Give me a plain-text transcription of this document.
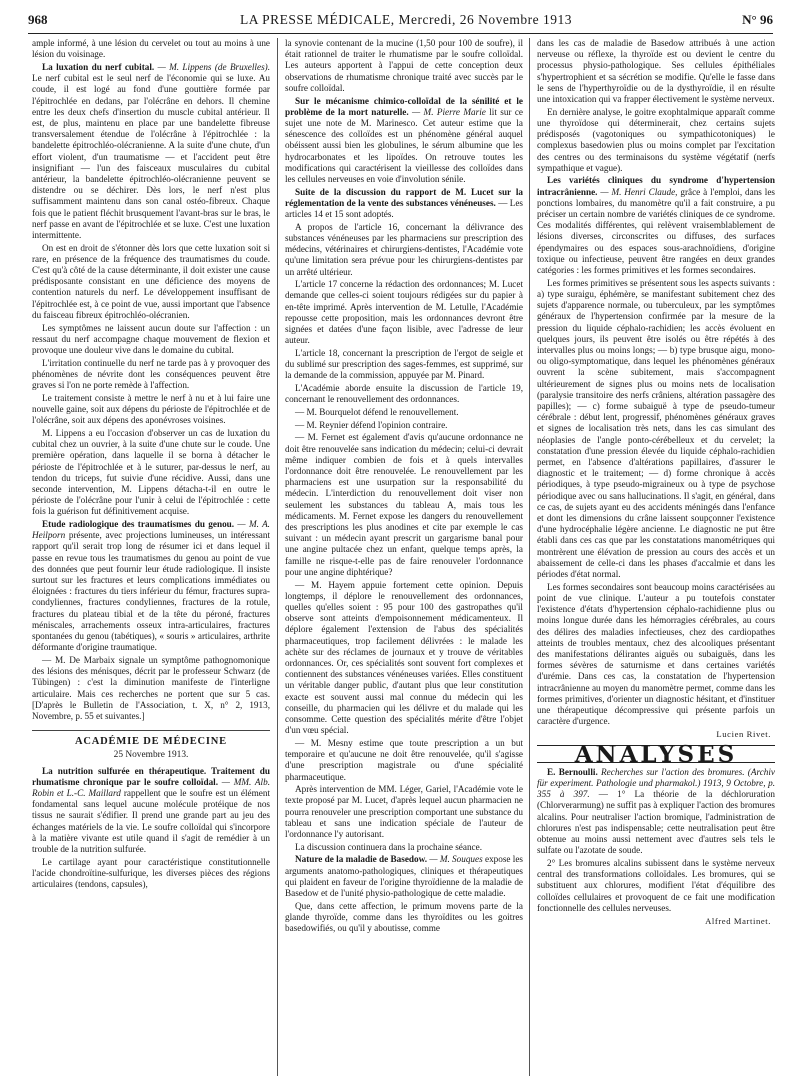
968	LA PRESSE MÉDICALE, Mercredi, 26 Novembre 1913	N° 96

ample informé, à une lésion du cervelet ou tout au moins à une lésion du voisinage.

La luxation du nerf cubital. — M. Lippens (de Bruxelles). Le nerf cubital est le seul nerf de l'économie qui se luxe. Au coude, il est logé au fond d'une gouttière formée par l'épitrochlée en dedans, par l'olécrâne en dehors. Il chemine entre les deux chefs d'insertion du muscle cubital antérieur. Il est, de plus, maintenu en place par une bandelette fibreuse transversalement étendue de l'olécrâne à l'épitrochlée : la bandelette épitrochléo-olécranienne. A la suite d'une chute, d'un effort violent, d'un traumatisme — et l'accident peut être insignifiant — l'un des faisceaux musculaires du cubital antérieur, la bandelette épitrochléo-olécranienne peuvent se distendre ou se déchirer. Dès lors, le nerf n'est plus suffisamment maintenu dans son canal ostéo-fibreux. Chaque fois que le patient fléchit brusquement l'avant-bras sur le bras, le nerf passe en avant de l'épitrochlée et se luxe. C'est une luxation intermittente.

On est en droit de s'étonner dès lors que cette luxation soit si rare, en présence de la fréquence des traumatismes du coude. C'est qu'à côté de la cause déterminante, il doit exister une cause prédisposante consistant en une déficience des moyens de contention naturels du nerf. Le développement insuffisant de l'épitrochlée est, à ce point de vue, aussi important que l'absence du faisceau fibreux épitrochléo-olécranien.

Les symptômes ne laissent aucun doute sur l'affection : un ressaut du nerf accompagne chaque mouvement de flexion et provoque une douleur vive dans le domaine du cubital.

L'irritation continuelle du nerf ne tarde pas à y provoquer des phénomènes de névrite dont les conséquences peuvent être graves si l'on ne porte remède à l'affection.

Le traitement consiste à mettre le nerf à nu et à lui faire une nouvelle gaine, soit aux dépens du périoste de l'épitrochlée et de l'olécrâne, soit aux dépens des aponévroses voisines.

M. Lippens a eu l'occasion d'observer un cas de luxation du cubital chez un ouvrier, à la suite d'une chute sur le coude. Une première opération, dans laquelle il se borna à détacher le périoste de l'épitrochlée et à le suturer, par-dessus le nerf, au tendon du triceps, fut suivie d'une récidive. Aussi, dans une seconde intervention, M. Lippens détacha-t-il en outre le périoste de l'olécrâne pour l'unir à celui de l'épitrochlée : cette fois la guérison fut définitivement acquise.

Etude radiologique des traumatismes du genou. — M. A. Heilporn présente, avec projections lumineuses, un intéressant rapport qu'il serait trop long de résumer ici et dans lequel il passe en revue tous les traumatismes du genou au point de vue des données que peut fournir leur étude radiologique. Il insiste surtout sur les fractures et leurs complications immédiates ou éloignées : fractures du tiers inférieur du fémur, fractures supra-condyliennes, fractures condyliennes, fractures de la rotule, fractures du plateau tibial et de la tête du péroné, fractures méniscales, arrachements osseux intra-articulaires, fractures spontanées du genou (tabétiques), « souris » articulaires, arthrite déformante d'origine traumatique.

— M. De Marbaix signale un symptôme pathognomonique des lésions des ménisques, décrit par le professeur Schwarz (de Tübingen) : c'est la diminution manifeste de l'interligne articulaire. Mais ces recherches ne portent que sur 5 cas. [D'après le Bulletin de l'Association, t. X, n° 2, 1913, Novembre, p. 55 et suivantes.]

ACADÉMIE DE MÉDECINE
25 Novembre 1913.

La nutrition sulfurée en thérapeutique. Traitement du rhumatisme chronique par le soufre colloïdal. — MM. Alb. Robin et L.-C. Maillard rappellent que le soufre est un élément fondamental sans lequel aucune molécule protéique de nos tissus ne saurait s'édifier. Il prend une grande part au jeu des échanges matériels de la vie. Le soufre colloïdal qui s'incorpore à la matière vivante est utile quand il s'agit de remédier à un trouble de la nutrition sulfurée.

Le cartilage ayant pour caractéristique constitutionnelle l'acide chondroïtine-sulfurique, les diverses pièces des régions articulaires (tendons, capsules),

la synovie contenant de la mucine (1,50 pour 100 de soufre), il était rationnel de traiter le rhumatisme par le soufre colloïdal. Les auteurs apportent à l'appui de cette conception deux observations de rhumatisme chronique traité avec succès par le soufre colloïdal.

Sur le mécanisme chimico-colloïdal de la sénilité et le problème de la mort naturelle. — M. Pierre Marie lit sur ce sujet une note de M. Marinesco. Cet auteur estime que la sénescence des colloïdes est un phénomène général auquel obéissent aussi bien les globulines, le sérum albumine que les hydrocarbonates et les lipoïdes. On retrouve toutes les modifications qui caractérisent la vieillesse des colloïdes dans les cellules nerveuses en voie d'involution sénile.

Suite de la discussion du rapport de M. Lucet sur la réglementation de la vente des substances vénéneuses. — Les articles 14 et 15 sont adoptés.

A propos de l'article 16, concernant la délivrance des substances vénéneuses par les pharmaciens sur prescription des médecins, vétérinaires et chirurgiens-dentistes, l'Académie vote qu'une limitation sera prévue pour les chirurgiens-dentistes par un arrêté ultérieur.

L'article 17 concerne la rédaction des ordonnances; M. Lucet demande que celles-ci soient toujours rédigées sur du papier à en-tête imprimé. Après intervention de M. Letulle, l'Académie repousse cette proposition, mais les ordonnances devront être signées et datées d'une façon lisible, avec l'adresse de leur auteur.

L'article 18, concernant la prescription de l'ergot de seigle et du sublimé sur prescription des sages-femmes, est supprimé, sur la demande de la commission, appuyée par M. Pinard.

L'Académie aborde ensuite la discussion de l'article 19, concernant le renouvellement des ordonnances.

— M. Bourquelot défend le renouvellement.

— M. Reynier défend l'opinion contraire.

— M. Fernet est également d'avis qu'aucune ordonnance ne doit être renouvelée sans indication du médecin; celui-ci devrait même indiquer combien de fois et à quels intervalles l'ordonnance doit être renouvelée. Le renouvellement par les pharmaciens est une usurpation sur la responsabilité du médecin. L'interdiction du renouvellement doit viser non seulement les substances du tableau A, mais tous les médicaments. M. Fernet expose les dangers du renouvellement des prescriptions les plus anodines et cite par exemple le cas suivant : un médecin ayant prescrit un gargarisme banal pour une angine pultacée chez un enfant, quelque temps après, la famille ne risque-t-elle pas de faire renouveler l'ordonnance pour une angine diphtérique?

— M. Hayem appuie fortement cette opinion. Depuis longtemps, il déplore le renouvellement des ordonnances, quelles qu'elles soient : 95 pour 100 des gastropathes qu'il observe sont atteints d'empoisonnement médicamenteux. Il déplore également l'extension de l'abus des spécialités pharmaceutiques, trop facilement délivrées : le malade les achète sur des réclames de journaux et y trouve de véritables ordonnances. Or, ces spécialités sont souvent fort complexes et contiennent des substances vénéneuses variées. Elles constituent un véritable danger public, d'autant plus que leur constitution exacte est souvent aussi mal connue du médecin qui les conseille, du pharmacien qui les délivre et du malade qui les consomme. Cette question des spécialités mérite d'être l'objet d'un vœu spécial.

— M. Mesny estime que toute prescription a un but temporaire et qu'aucune ne doit être renouvelée, qu'il s'agisse d'une prescription magistrale ou d'une spécialité pharmaceutique.

Après intervention de MM. Léger, Gariel, l'Académie vote le texte proposé par M. Lucet, d'après lequel aucun pharmacien ne pourra renouveler une prescription comportant une substance du tableau et sans une indication spéciale de l'auteur de l'ordonnance l'y autorisant.

La discussion continuera dans la prochaine séance.

Nature de la maladie de Basedow. — M. Souques expose les arguments anatomo-pathologiques, cliniques et thérapeutiques qui plaident en faveur de l'origine thyroïdienne de la maladie de Basedow et de l'unité physio-pathologique de cette maladie.

Que, dans cette affection, le primum movens parte de la glande thyroïde, comme dans les thyroïdites ou les goitres basedowifiés, ou qu'il y aboutisse, comme

dans les cas de maladie de Basedow attribués à une action nerveuse ou réflexe, la thyroïde est ou devient le centre du processus physio-pathologique. Ses cellules épithéliales s'hypertrophient et sa sécrétion se modifie. Qu'elle le fasse dans le sens de l'hyperthyroïdie ou de la dysthyroïdie, il en résulte une intoxication qui va frapper électivement le système nerveux.

En dernière analyse, le goitre exophtalmique apparaît comme une thyroïdose qui déterminerait, chez certains sujets prédisposés (vagotoniques ou sympathicotoniques) le complexus basedowien plus ou moins complet par l'excitation des centres ou des terminaisons du système végétatif (nerfs sympathique et vague).

Les variétés cliniques du syndrome d'hypertension intracrânienne. — M. Henri Claude, grâce à l'emploi, dans les ponctions lombaires, du manomètre qu'il a fait construire, a pu préciser un certain nombre de variétés cliniques de ce syndrome. Ces modalités différentes, qui relèvent vraisemblablement de lésions diverses, circonscrites ou diffuses, des surfaces épendymaires ou des espaces sous-arachnoïdiens, d'origine toxique ou infectieuse, peuvent être rangées en deux grandes catégories : les formes primitives et les formes secondaires.

Les formes primitives se présentent sous les aspects suivants : a) type suraigu, éphémère, se manifestant subitement chez des sujets d'apparence normale, ou tuberculeux, par les symptômes généraux de l'hypertension confirmée par la mesure de la pression du liquide céphalo-rachidien; les accès évoluent en quelques jours, ils peuvent être isolés ou être répétés à des intervalles plus ou moins longs; — b) type brusque aigu, mono- ou oligo-symptomatique, dans lequel les phénomènes généraux ouvrent la scène subitement, mais s'accompagnent ultérieurement de signes plus ou moins nets de localisation (paralysie transitoire des nerfs crâniens, altération passagère des papilles); — c) forme subaiguë à type de pseudo-tumeur cérébrale : début lent, progressif, phénomènes généraux graves et signes de localisation très nets, dans les cas simulant des néoplasies de l'angle ponto-cérébelleux et du cervelet; la constatation d'une pression élevée du liquide céphalo-rachidien permet, en l'absence d'altérations papillaires, d'assurer le diagnostic et le traitement; — d) forme chronique à accès périodiques, à type pseudo-migraineux ou à type de psychose périodique avec ou sans hallucinations. Il s'agit, en général, dans ce cas, de sujets ayant eu des accidents méningés dans l'enfance et dont les dimensions du crâne laissent soupçonner l'existence d'une hydrocéphalie légère ancienne. Le diagnostic ne put être établi dans ces cas que par les constatations manométriques qui montrèrent une élévation de pression au cours des accès et un abaissement de celle-ci dans les phases d'accalmie et dans les périodes d'état normal.

Les formes secondaires sont beaucoup moins caractérisées au point de vue clinique. L'auteur a pu toutefois constater l'existence d'états d'hypertension céphalo-rachidienne plus ou moins longue durée dans les hémorragies cérébrales, au cours des délires des maladies infectieuses, chez des cardiopathes atteints de troubles mentaux, chez des alcooliques présentant des manifestations délirantes aiguës ou subaiguës, dans les formes sévères de saturnisme et dans certaines variétés d'urémie. Dans ces cas, la constatation de l'hypertension intracrânienne au moyen du manomètre permet, comme dans les formes primitives, d'orienter un diagnostic hésitant, et d'instituer une thérapeutique décompressive qui présente parfois un caractère d'urgence.

Lucien Rivet.
ANALYSES

E. Bernoulli. Recherches sur l'action des bromures. (Archiv für experiment. Pathologie und pharmakol.) 1913, 9 Octobre, p. 355 à 397. — 1° La théorie de la déchloruration (Chlorverarmung) ne suffit pas à expliquer l'action des bromures alcalins. Pour neutraliser l'action bromique, l'administration de chlorures n'est pas indispensable; cette neutralisation peut être obtenue au moins aussi nettement avec d'autres sels tels le sulfate ou l'azotate de soude.

2° Les bromures alcalins subissent dans le système nerveux central des transformations colloïdales. Les bromures, qui se substituent aux chlorures, modifient l'état d'équilibre des colloïdes cellulaires et provoquent de ce fait une modification fonctionnelle des cellules nerveuses.

Alfred Martinet.
